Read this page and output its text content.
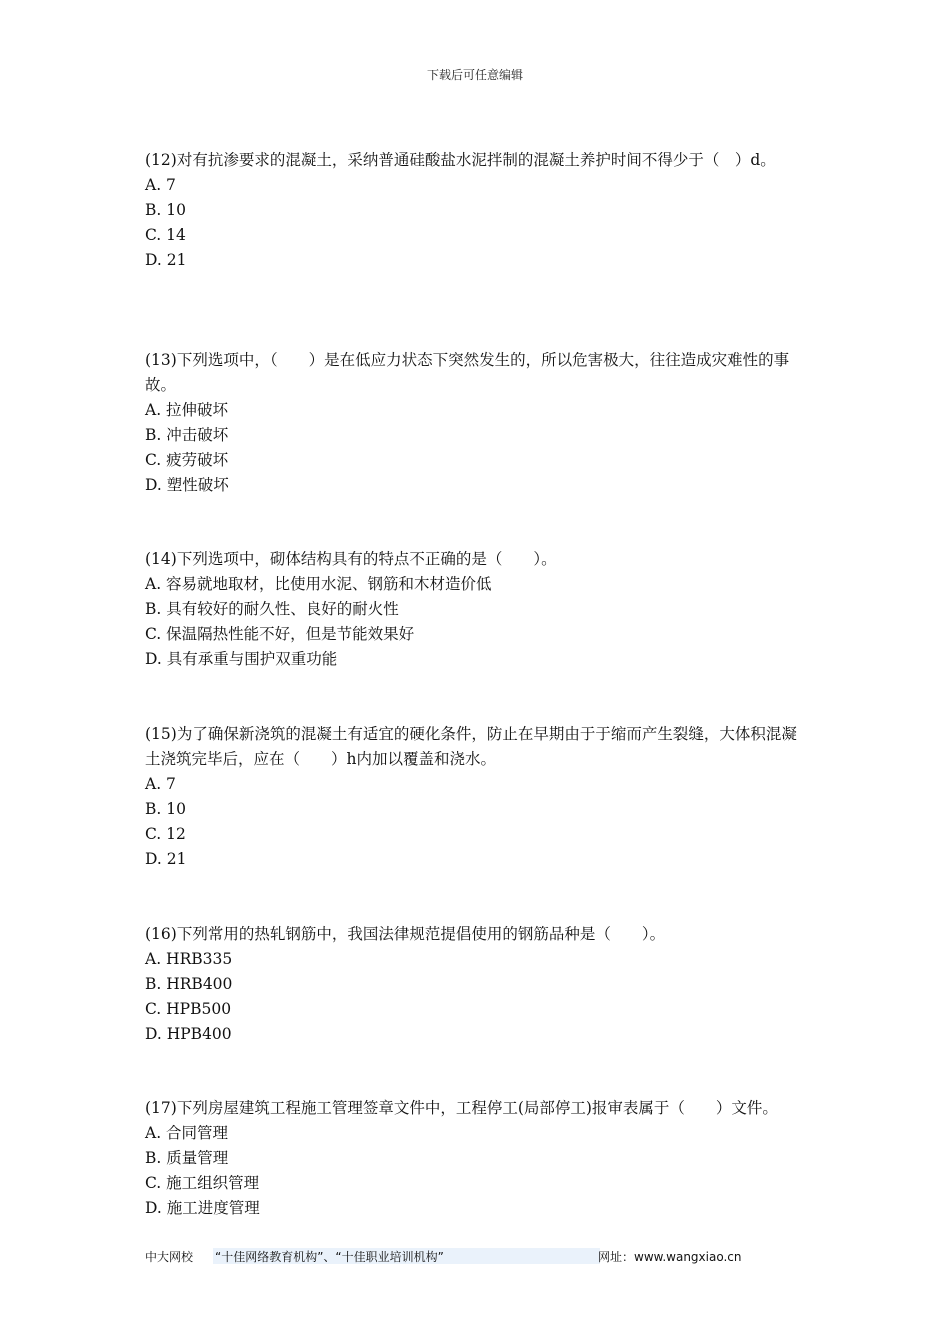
下载后可任意编辑

(12)对有抗渗要求的混凝土，采纳普通硅酸盐水泥拌制的混凝土养护时间不得少于（　）d。

A. 7

B. 10

C. 14

D. 21

(13)下列选项中，（　　）是在低应力状态下突然发生的，所以危害极大，往往造成灾难性的事故。

A. 拉伸破坏

B. 冲击破坏

C. 疲劳破坏

D. 塑性破坏

(14)下列选项中，砌体结构具有的特点不正确的是（　　）。

A. 容易就地取材，比使用水泥、钢筋和木材造价低

B. 具有较好的耐久性、良好的耐火性

C. 保温隔热性能不好，但是节能效果好

D. 具有承重与围护双重功能

(15)为了确保新浇筑的混凝土有适宜的硬化条件，防止在早期由于于缩而产生裂缝，大体积混凝土浇筑完毕后，应在（　　）h内加以覆盖和浇水。

A. 7

B. 10

C. 12

D. 21

(16)下列常用的热轧钢筋中，我国法律规范提倡使用的钢筋品种是（　　）。

A. HRB335

B. HRB400

C. HPB500

D. HPB400

(17)下列房屋建筑工程施工管理签章文件中，工程停工(局部停工)报审表属于（　　）文件。

A. 合同管理

B. 质量管理

C. 施工组织管理

D. 施工进度管理

中大网校 “十佳网络教育机构”、“十佳职业培训机构”	网址：www.wangxiao.cn
